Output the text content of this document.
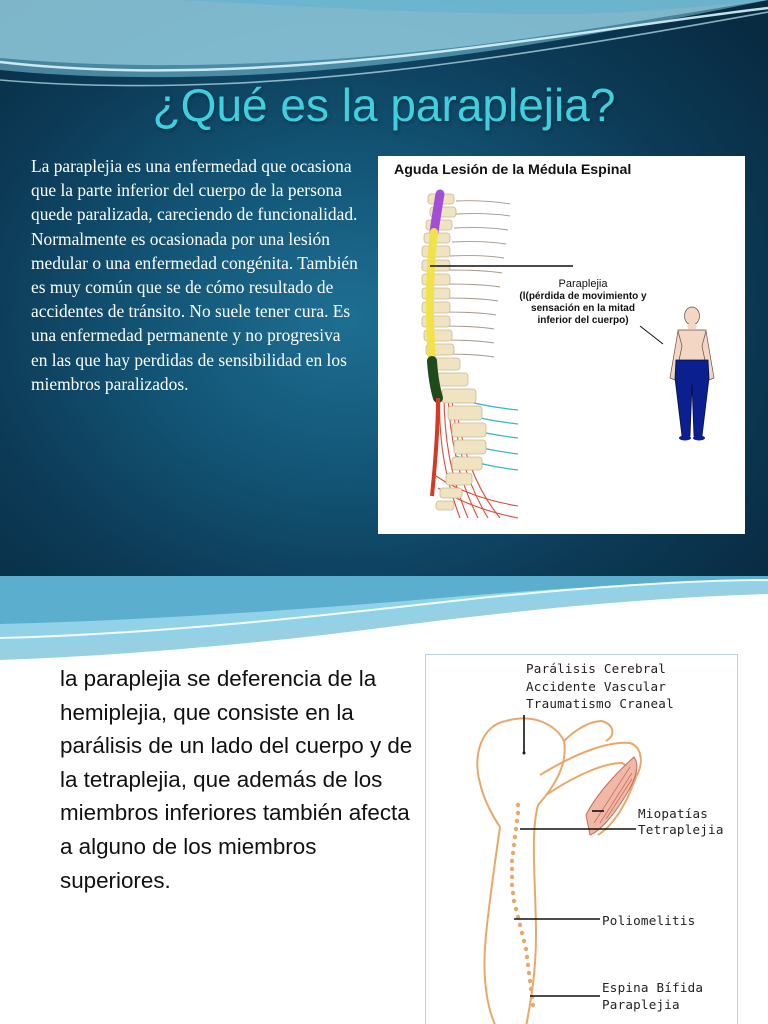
¿Qué es la paraplejia?

La paraplejia es una enfermedad que ocasiona que la parte inferior del cuerpo de la persona quede paralizada, careciendo de funcionalidad. Normalmente es ocasionada por una lesión medular o una enfermedad congénita. También es muy común que se de cómo resultado de accidentes de tránsito. No suele tener cura. Es una enfermedad permanente y no progresiva en las que hay perdidas de sensibilidad en los miembros paralizados.

Aguda Lesión de la Médula Espinal
Paraplejia
(l(pérdida de movimiento y sensación en la mitad inferior del cuerpo)

la paraplejia se deferencia de la hemiplejia, que consiste en la parálisis de un lado del cuerpo y de la tetraplejia, que además de los miembros inferiores también afecta a alguno de los miembros superiores.

Parálisis Cerebral
Accidente Vascular
Traumatismo Craneal
Miopatías
Tetraplejia
Poliomelitis
Espina Bífida
Paraplejia
